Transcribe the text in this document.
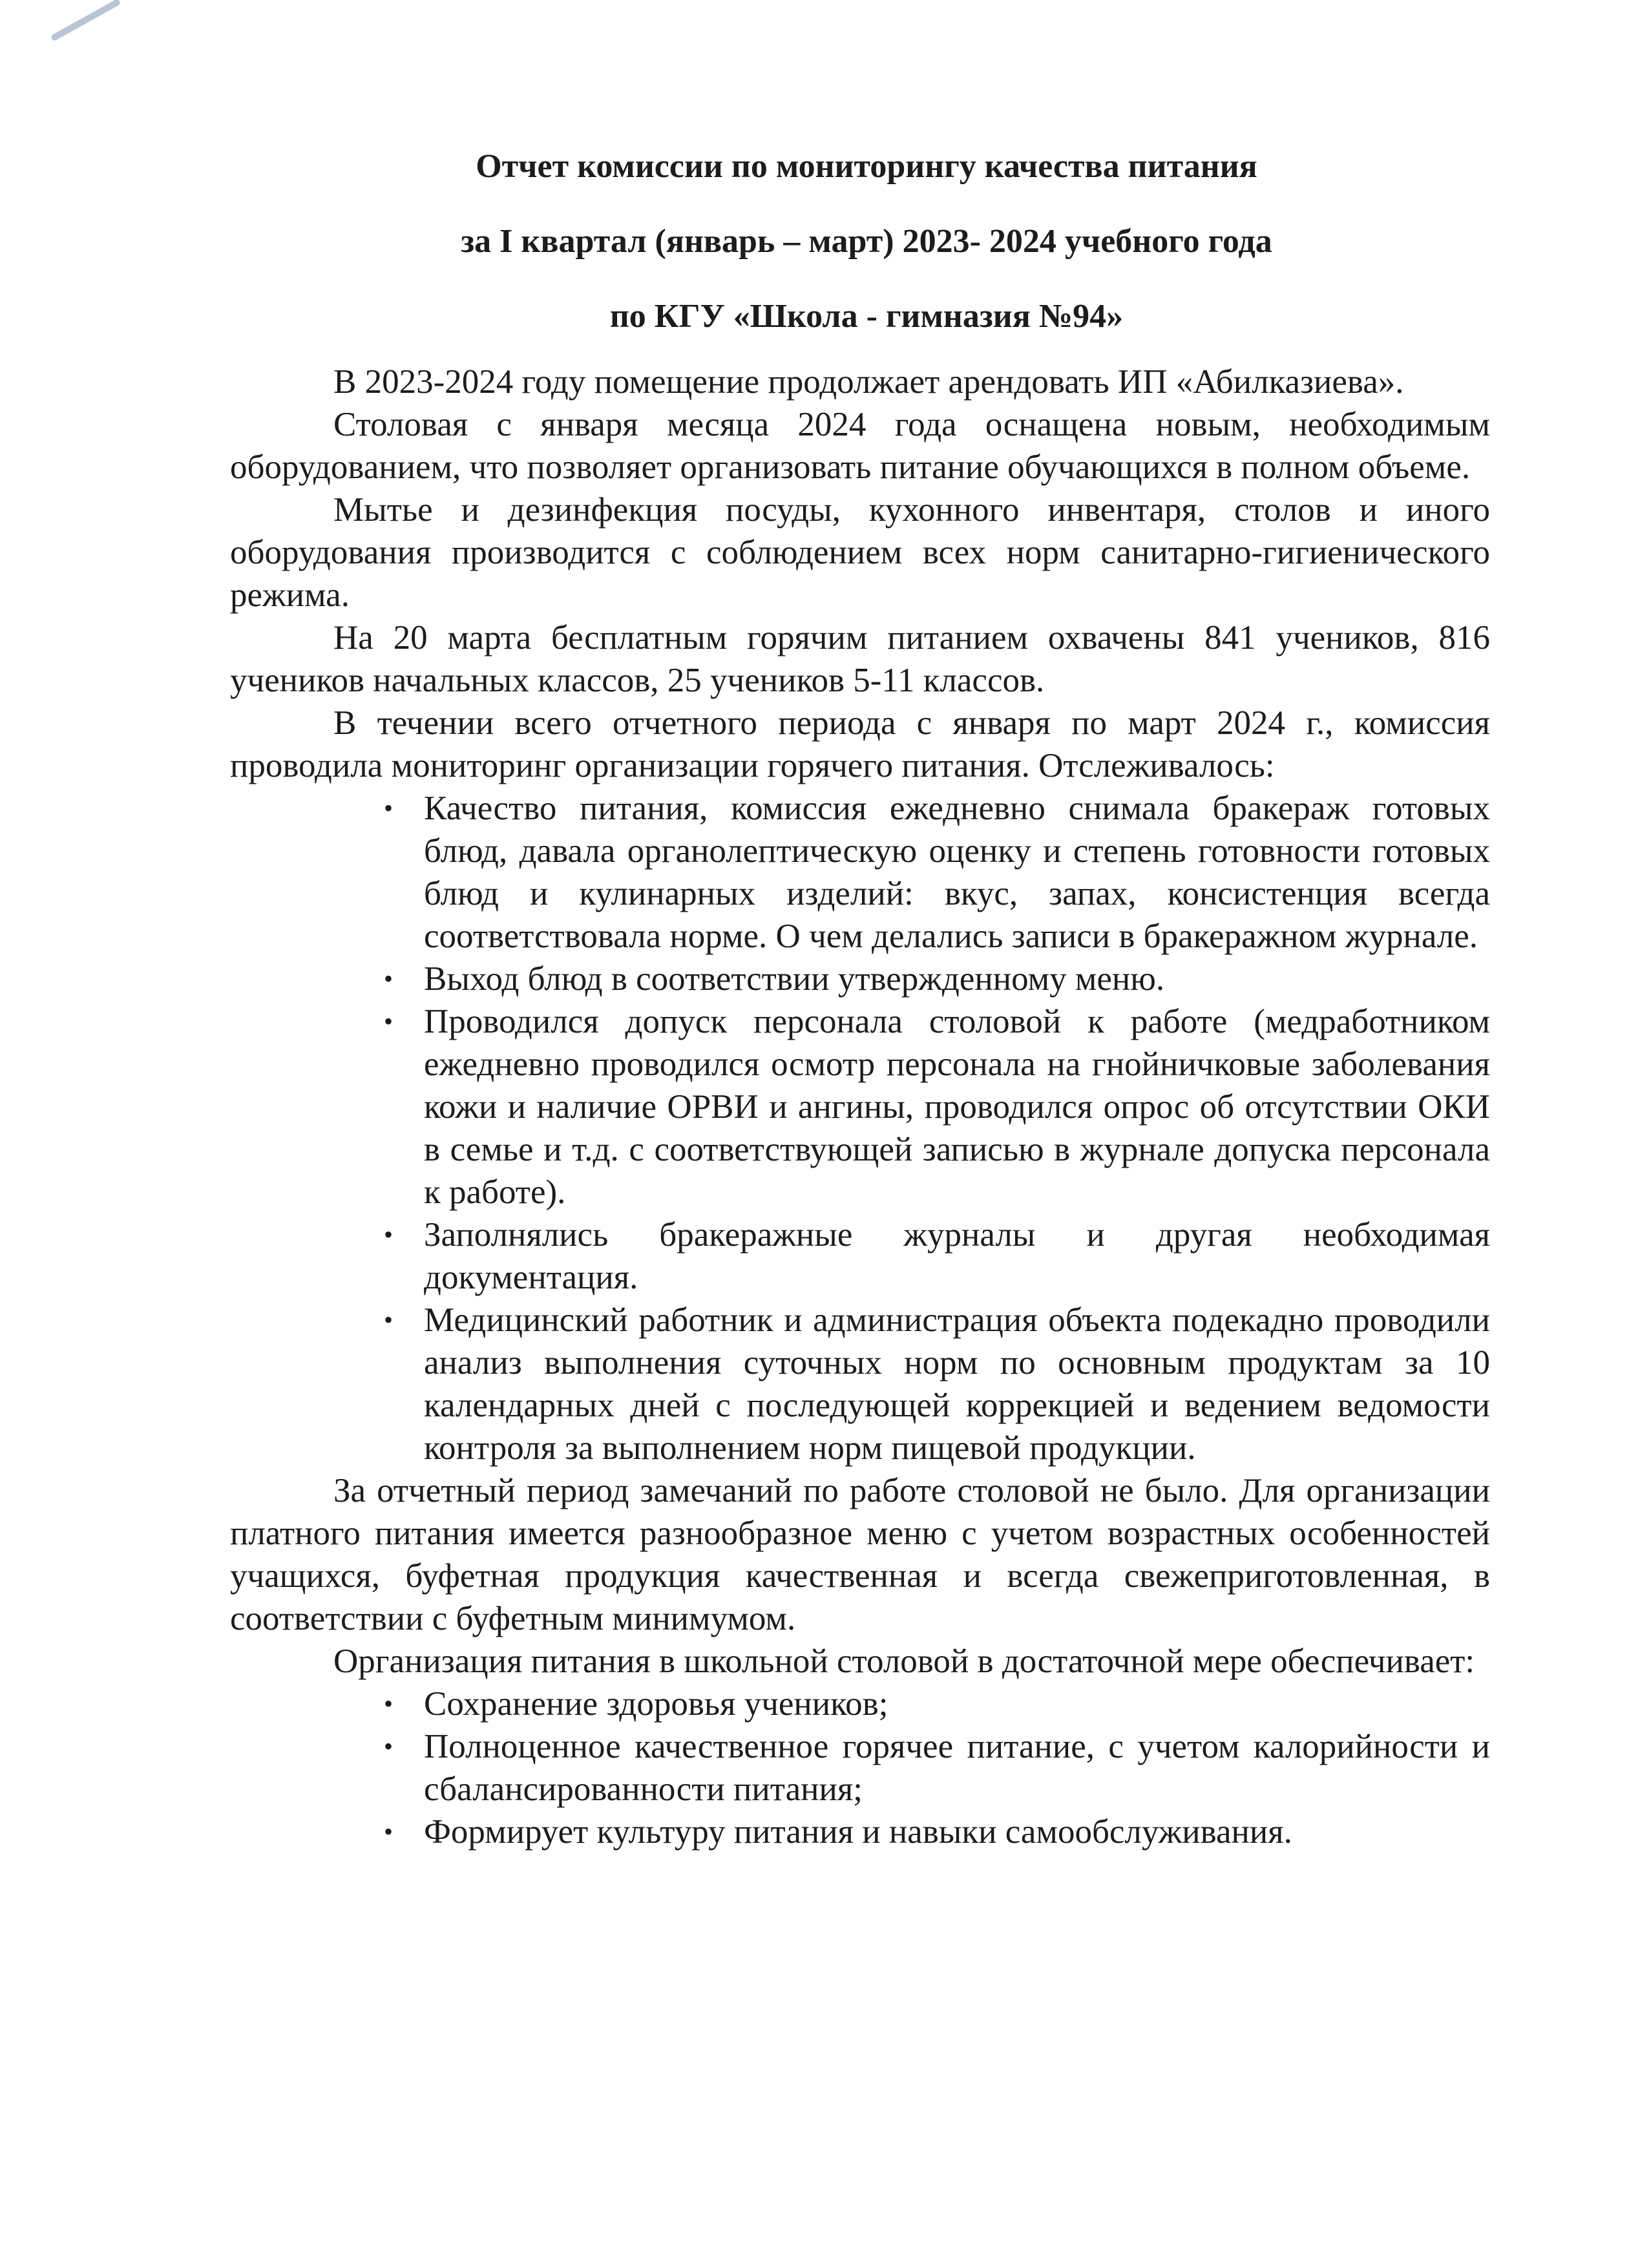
Отчет комиссии по мониторингу качества питания

за I квартал (январь – март) 2023- 2024 учебного года

по КГУ «Школа - гимназия №94»

В 2023-2024 году помещение продолжает арендовать ИП «Абилказиева».

Столовая с января месяца 2024 года оснащена новым, необходимым оборудованием, что позволяет организовать питание обучающихся в полном объеме.

Мытье и дезинфекция посуды, кухонного инвентаря, столов и иного оборудования производится с соблюдением всех норм санитарно-гигиенического режима.

На 20 марта бесплатным горячим питанием охвачены 841 учеников, 816 учеников начальных классов, 25 учеников 5-11 классов.

В течении всего отчетного периода с января по март 2024 г., комиссия проводила мониторинг организации горячего питания. Отслеживалось:

• Качество питания, комиссия ежедневно снимала бракераж готовых блюд, давала органолептическую оценку и степень готовности готовых блюд и кулинарных изделий: вкус, запах, консистенция всегда соответствовала норме. О чем делались записи в бракеражном журнале.
• Выход блюд в соответствии утвержденному меню.
• Проводился допуск персонала столовой к работе (медработником ежедневно проводился осмотр персонала на гнойничковые заболевания кожи и наличие ОРВИ и ангины, проводился опрос об отсутствии ОКИ в семье и т.д. с соответствующей записью в журнале допуска персонала к работе).
• Заполнялись бракеражные журналы и другая необходимая документация.
• Медицинский работник и администрация объекта подекадно проводили анализ выполнения суточных норм по основным продуктам за 10 календарных дней с последующей коррекцией и ведением ведомости контроля за выполнением норм пищевой продукции.

За отчетный период замечаний по работе столовой не было. Для организации платного питания имеется разнообразное меню с учетом возрастных особенностей учащихся, буфетная продукция качественная и всегда свежеприготовленная, в соответствии с буфетным минимумом.

Организация питания в школьной столовой в достаточной мере обеспечивает:

• Сохранение здоровья учеников;
• Полноценное качественное горячее питание, с учетом калорийности и сбалансированности питания;
• Формирует культуру питания и навыки самообслуживания.
